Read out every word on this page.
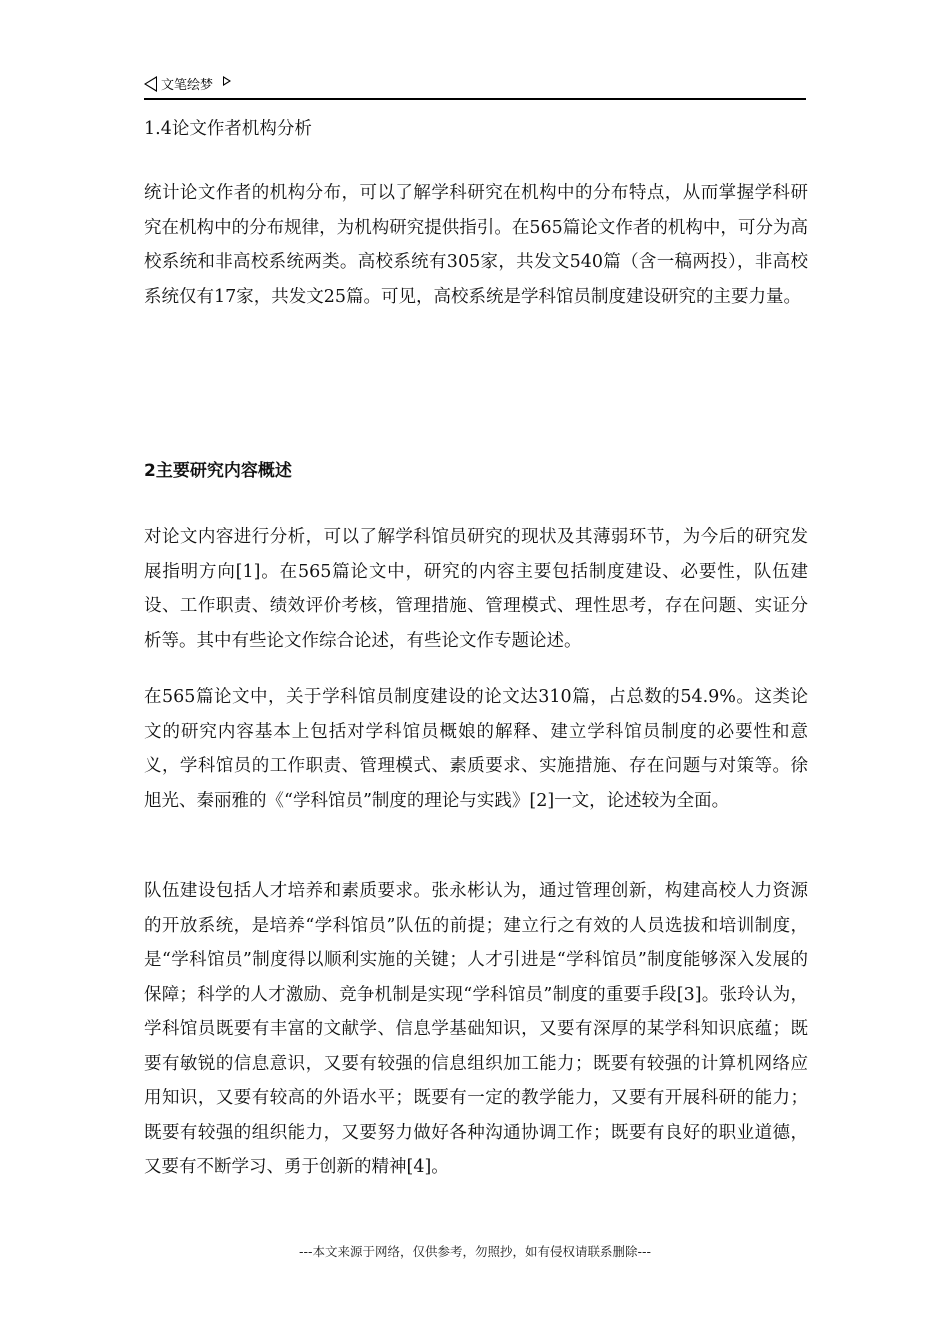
文笔绘梦
1.4论文作者机构分析

统计论文作者的机构分布，可以了解学科研究在机构中的分布特点，从而掌握学科研究在机构中的分布规律，为机构研究提供指引。在565篇论文作者的机构中，可分为高校系统和非高校系统两类。高校系统有305家，共发文540篇（含一稿两投），非高校系统仅有17家，共发文25篇。可见，高校系统是学科馆员制度建设研究的主要力量。

2主要研究内容概述

对论文内容进行分析，可以了解学科馆员研究的现状及其薄弱环节，为今后的研究发展指明方向[1]。在565篇论文中，研究的内容主要包括制度建设、必要性，队伍建设、工作职责、绩效评价考核，管理措施、管理模式、理性思考，存在问题、实证分析等。其中有些论文作综合论述，有些论文作专题论述。

在565篇论文中，关于学科馆员制度建设的论文达310篇，占总数的54.9%。这类论文的研究内容基本上包括对学科馆员概娘的解释、建立学科馆员制度的必要性和意义，学科馆员的工作职责、管理模式、素质要求、实施措施、存在问题与对策等。徐旭光、秦丽雅的《“学科馆员”制度的理论与实践》[2]一文，论述较为全面。

队伍建设包括人才培养和素质要求。张永彬认为，通过管理创新，构建高校人力资源的开放系统，是培养“学科馆员”队伍的前提；建立行之有效的人员选拔和培训制度，是“学科馆员”制度得以顺利实施的关键；人才引进是“学科馆员”制度能够深入发展的保障；科学的人才激励、竞争机制是实现“学科馆员”制度的重要手段[3]。张玲认为，学科馆员既要有丰富的文献学、信息学基础知识，又要有深厚的某学科知识底蕴；既要有敏锐的信息意识，又要有较强的信息组织加工能力；既要有较强的计算机网络应用知识，又要有较高的外语水平；既要有一定的教学能力，又要有开展科研的能力；既要有较强的组织能力，又要努力做好各种沟通协调工作；既要有良好的职业道德，又要有不断学习、勇于创新的精神[4]。

---本文来源于网络，仅供参考，勿照抄，如有侵权请联系删除---
